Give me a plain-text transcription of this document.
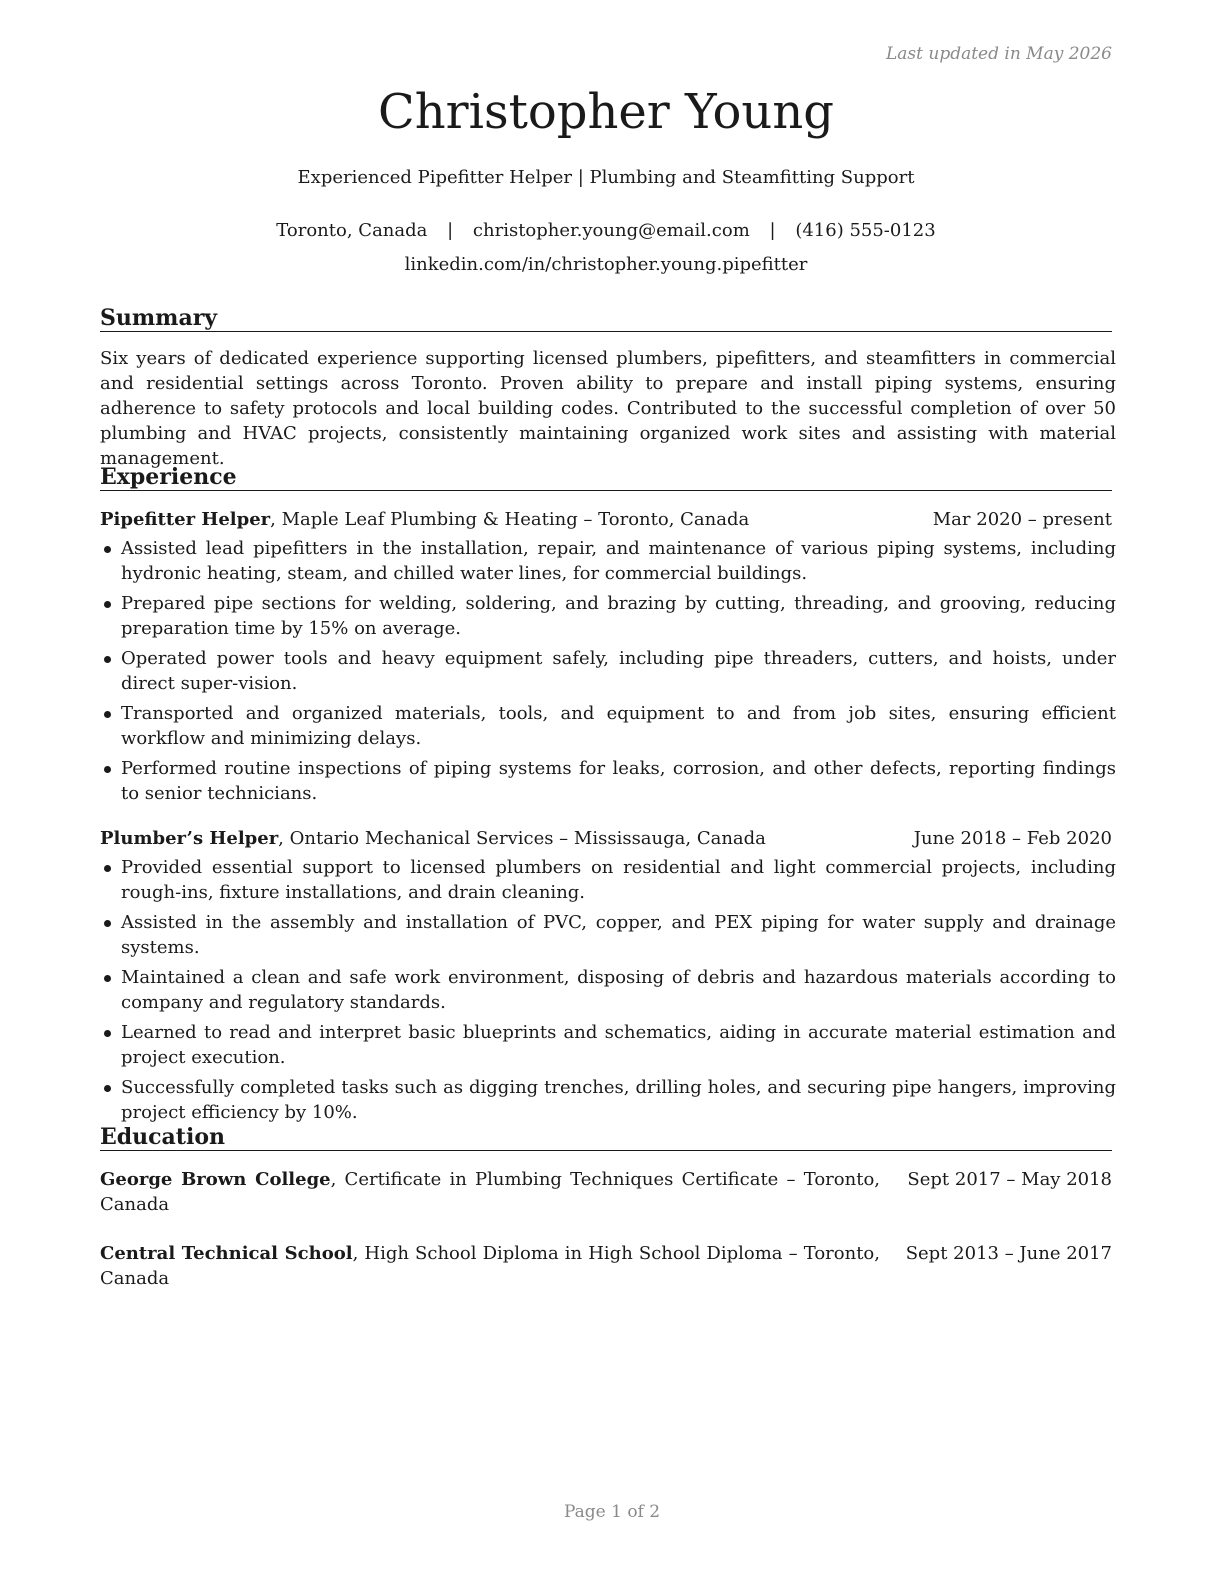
Last updated in May 2026
Christopher Young
Experienced Pipefitter Helper | Plumbing and Steamfitting Support
Toronto, Canada | christopher.young@email.com | (416) 555-0123
linkedin.com/in/christopher.young.pipefitter
Summary
Six years of dedicated experience supporting licensed plumbers, pipefitters, and steamfitters in commercial and residential settings across Toronto. Proven ability to prepare and install piping systems, ensuring adherence to safety protocols and local building codes. Contributed to the successful completion of over 50 plumbing and HVAC projects, consistently maintaining organized work sites and assisting with material management.
Experience
Pipefitter Helper, Maple Leaf Plumbing & Heating – Toronto, Canada	Mar 2020 – present
Assisted lead pipefitters in the installation, repair, and maintenance of various piping systems, including hydronic heating, steam, and chilled water lines, for commercial buildings.
Prepared pipe sections for welding, soldering, and brazing by cutting, threading, and grooving, reducing preparation time by 15% on average.
Operated power tools and heavy equipment safely, including pipe threaders, cutters, and hoists, under direct super-vision.
Transported and organized materials, tools, and equipment to and from job sites, ensuring efficient workflow and minimizing delays.
Performed routine inspections of piping systems for leaks, corrosion, and other defects, reporting findings to senior technicians.
Plumber’s Helper, Ontario Mechanical Services – Mississauga, Canada	June 2018 – Feb 2020
Provided essential support to licensed plumbers on residential and light commercial projects, including rough-ins, fixture installations, and drain cleaning.
Assisted in the assembly and installation of PVC, copper, and PEX piping for water supply and drainage systems.
Maintained a clean and safe work environment, disposing of debris and hazardous materials according to company and regulatory standards.
Learned to read and interpret basic blueprints and schematics, aiding in accurate material estimation and project execution.
Successfully completed tasks such as digging trenches, drilling holes, and securing pipe hangers, improving project efficiency by 10%.
Education
George Brown College, Certificate in Plumbing Techniques Certificate – Toronto, Canada
Sept 2017 – May 2018
Central Technical School, High School Diploma in High School Diploma – Toronto, Canada
Sept 2013 – June 2017
Page 1 of 2
